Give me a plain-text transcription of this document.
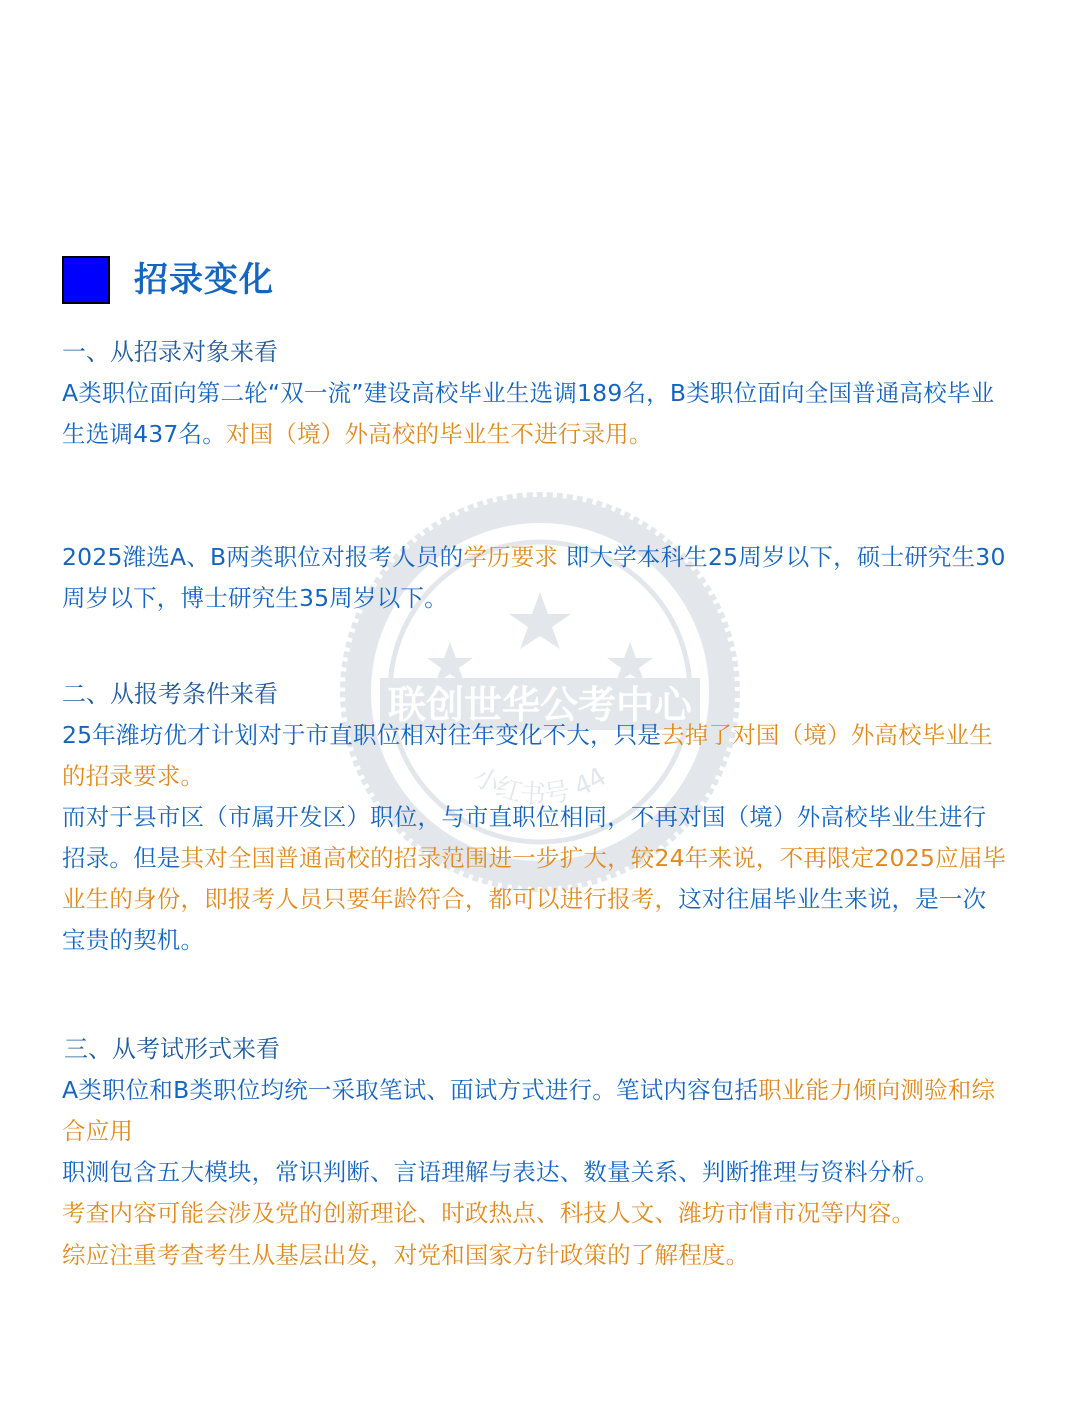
联创世华公考中心
小红书号 44
招录变化
一、从招录对象来看
A类职位面向第二轮“双一流”建设高校毕业生选调189名，B类职位面向全国普通高校毕业生选调437名。对国（境）外高校的毕业生不进行录用。
2025潍选A、B两类职位对报考人员的学历要求 即大学本科生25周岁以下，硕士研究生30周岁以下，博士研究生35周岁以下。
二、从报考条件来看
25年潍坊优才计划对于市直职位相对往年变化不大，只是去掉了对国（境）外高校毕业生的招录要求。
而对于县市区（市属开发区）职位，与市直职位相同，不再对国（境）外高校毕业生进行招录。但是其对全国普通高校的招录范围进一步扩大，较24年来说，不再限定2025应届毕业生的身份，即报考人员只要年龄符合，都可以进行报考，这对往届毕业生来说，是一次宝贵的契机。
三、从考试形式来看
A类职位和B类职位均统一采取笔试、面试方式进行。笔试内容包括职业能力倾向测验和综合应用
职测包含五大模块，常识判断、言语理解与表达、数量关系、判断推理与资料分析。
考查内容可能会涉及党的创新理论、时政热点、科技人文、潍坊市情市况等内容。
综应注重考查考生从基层出发，对党和国家方针政策的了解程度。
